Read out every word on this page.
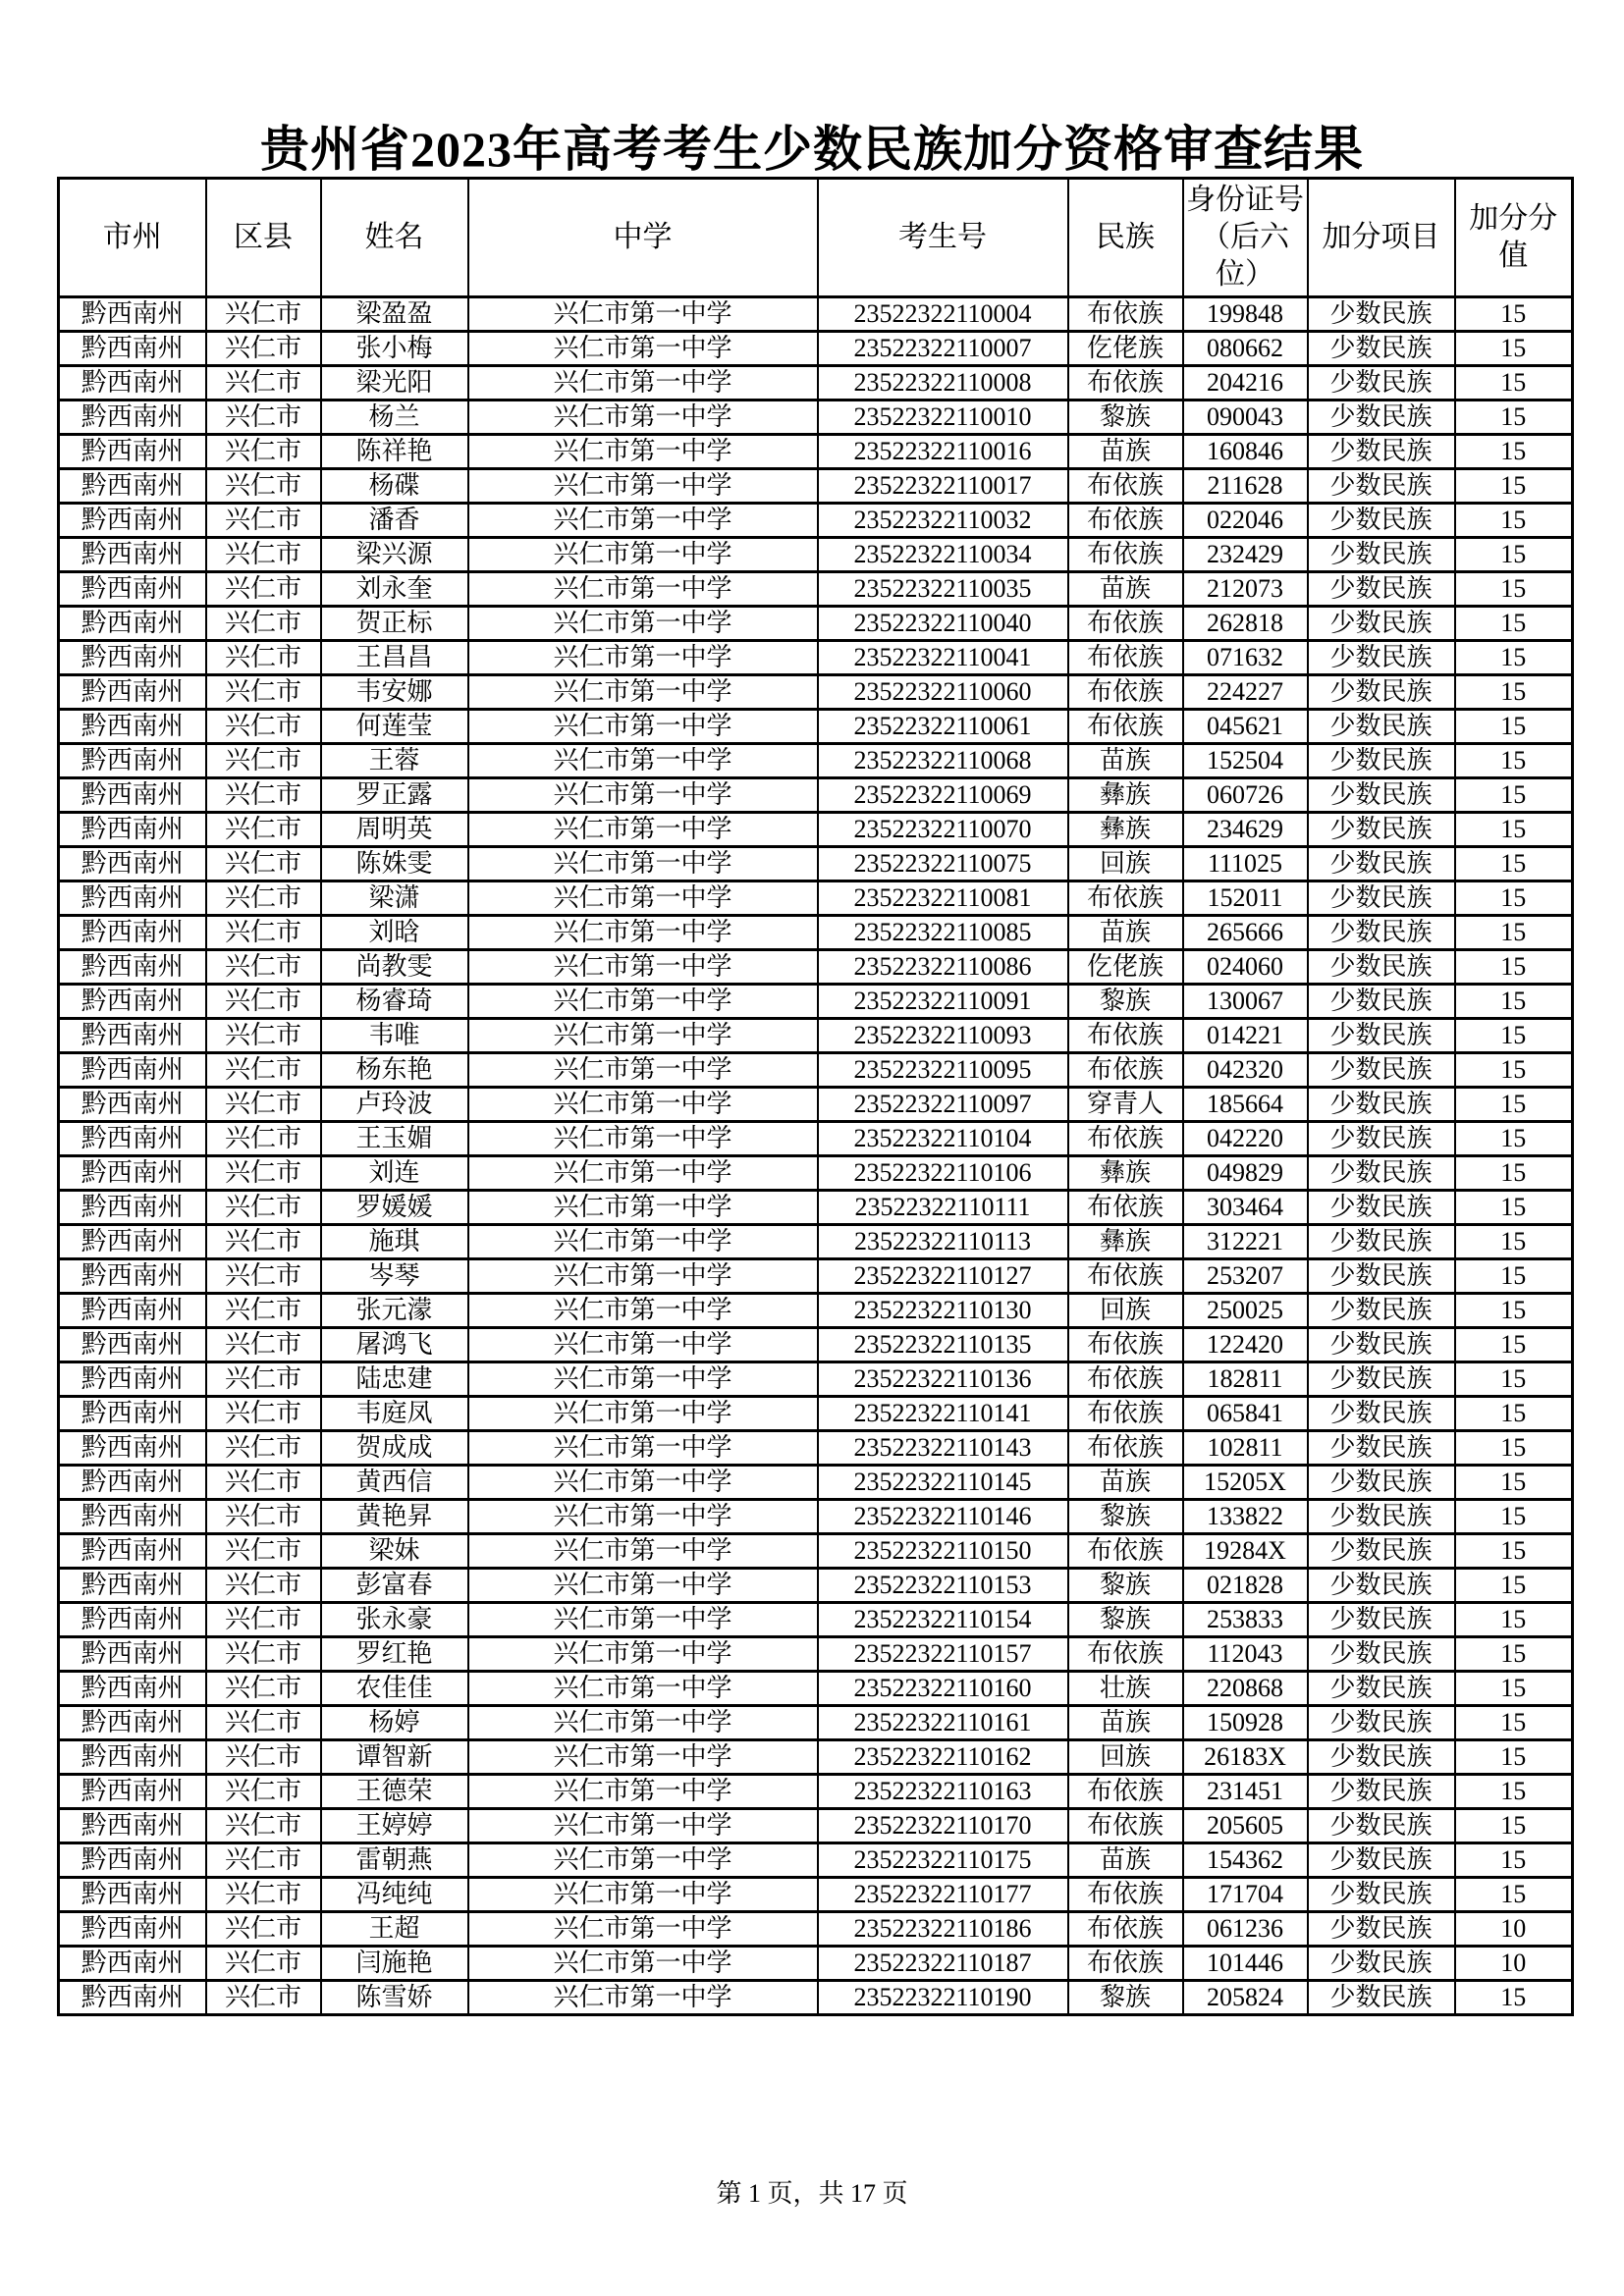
贵州省2023年高考考生少数民族加分资格审查结果
市州	区县	姓名	中学	考生号	民族	身份证号（后六位）	加分项目	加分分值
黔西南州	兴仁市	梁盈盈	兴仁市第一中学	23522322110004	布依族	199848	少数民族	15
黔西南州	兴仁市	张小梅	兴仁市第一中学	23522322110007	仡佬族	080662	少数民族	15
黔西南州	兴仁市	梁光阳	兴仁市第一中学	23522322110008	布依族	204216	少数民族	15
黔西南州	兴仁市	杨兰	兴仁市第一中学	23522322110010	黎族	090043	少数民族	15
黔西南州	兴仁市	陈祥艳	兴仁市第一中学	23522322110016	苗族	160846	少数民族	15
黔西南州	兴仁市	杨碟	兴仁市第一中学	23522322110017	布依族	211628	少数民族	15
黔西南州	兴仁市	潘香	兴仁市第一中学	23522322110032	布依族	022046	少数民族	15
黔西南州	兴仁市	梁兴源	兴仁市第一中学	23522322110034	布依族	232429	少数民族	15
黔西南州	兴仁市	刘永奎	兴仁市第一中学	23522322110035	苗族	212073	少数民族	15
黔西南州	兴仁市	贺正标	兴仁市第一中学	23522322110040	布依族	262818	少数民族	15
黔西南州	兴仁市	王昌昌	兴仁市第一中学	23522322110041	布依族	071632	少数民族	15
黔西南州	兴仁市	韦安娜	兴仁市第一中学	23522322110060	布依族	224227	少数民族	15
黔西南州	兴仁市	何莲莹	兴仁市第一中学	23522322110061	布依族	045621	少数民族	15
黔西南州	兴仁市	王蓉	兴仁市第一中学	23522322110068	苗族	152504	少数民族	15
黔西南州	兴仁市	罗正露	兴仁市第一中学	23522322110069	彝族	060726	少数民族	15
黔西南州	兴仁市	周明英	兴仁市第一中学	23522322110070	彝族	234629	少数民族	15
黔西南州	兴仁市	陈姝雯	兴仁市第一中学	23522322110075	回族	111025	少数民族	15
黔西南州	兴仁市	梁潇	兴仁市第一中学	23522322110081	布依族	152011	少数民族	15
黔西南州	兴仁市	刘晗	兴仁市第一中学	23522322110085	苗族	265666	少数民族	15
黔西南州	兴仁市	尚教雯	兴仁市第一中学	23522322110086	仡佬族	024060	少数民族	15
黔西南州	兴仁市	杨睿琦	兴仁市第一中学	23522322110091	黎族	130067	少数民族	15
黔西南州	兴仁市	韦唯	兴仁市第一中学	23522322110093	布依族	014221	少数民族	15
黔西南州	兴仁市	杨东艳	兴仁市第一中学	23522322110095	布依族	042320	少数民族	15
黔西南州	兴仁市	卢玲波	兴仁市第一中学	23522322110097	穿青人	185664	少数民族	15
黔西南州	兴仁市	王玉媚	兴仁市第一中学	23522322110104	布依族	042220	少数民族	15
黔西南州	兴仁市	刘连	兴仁市第一中学	23522322110106	彝族	049829	少数民族	15
黔西南州	兴仁市	罗媛媛	兴仁市第一中学	23522322110111	布依族	303464	少数民族	15
黔西南州	兴仁市	施琪	兴仁市第一中学	23522322110113	彝族	312221	少数民族	15
黔西南州	兴仁市	岑琴	兴仁市第一中学	23522322110127	布依族	253207	少数民族	15
黔西南州	兴仁市	张元濛	兴仁市第一中学	23522322110130	回族	250025	少数民族	15
黔西南州	兴仁市	屠鸿飞	兴仁市第一中学	23522322110135	布依族	122420	少数民族	15
黔西南州	兴仁市	陆忠建	兴仁市第一中学	23522322110136	布依族	182811	少数民族	15
黔西南州	兴仁市	韦庭凤	兴仁市第一中学	23522322110141	布依族	065841	少数民族	15
黔西南州	兴仁市	贺成成	兴仁市第一中学	23522322110143	布依族	102811	少数民族	15
黔西南州	兴仁市	黄西信	兴仁市第一中学	23522322110145	苗族	15205X	少数民族	15
黔西南州	兴仁市	黄艳昇	兴仁市第一中学	23522322110146	黎族	133822	少数民族	15
黔西南州	兴仁市	梁妹	兴仁市第一中学	23522322110150	布依族	19284X	少数民族	15
黔西南州	兴仁市	彭富春	兴仁市第一中学	23522322110153	黎族	021828	少数民族	15
黔西南州	兴仁市	张永豪	兴仁市第一中学	23522322110154	黎族	253833	少数民族	15
黔西南州	兴仁市	罗红艳	兴仁市第一中学	23522322110157	布依族	112043	少数民族	15
黔西南州	兴仁市	农佳佳	兴仁市第一中学	23522322110160	壮族	220868	少数民族	15
黔西南州	兴仁市	杨婷	兴仁市第一中学	23522322110161	苗族	150928	少数民族	15
黔西南州	兴仁市	谭智新	兴仁市第一中学	23522322110162	回族	26183X	少数民族	15
黔西南州	兴仁市	王德荣	兴仁市第一中学	23522322110163	布依族	231451	少数民族	15
黔西南州	兴仁市	王婷婷	兴仁市第一中学	23522322110170	布依族	205605	少数民族	15
黔西南州	兴仁市	雷朝燕	兴仁市第一中学	23522322110175	苗族	154362	少数民族	15
黔西南州	兴仁市	冯纯纯	兴仁市第一中学	23522322110177	布依族	171704	少数民族	15
黔西南州	兴仁市	王超	兴仁市第一中学	23522322110186	布依族	061236	少数民族	10
黔西南州	兴仁市	闫施艳	兴仁市第一中学	23522322110187	布依族	101446	少数民族	10
黔西南州	兴仁市	陈雪娇	兴仁市第一中学	23522322110190	黎族	205824	少数民族	15
第 1 页，共 17 页
